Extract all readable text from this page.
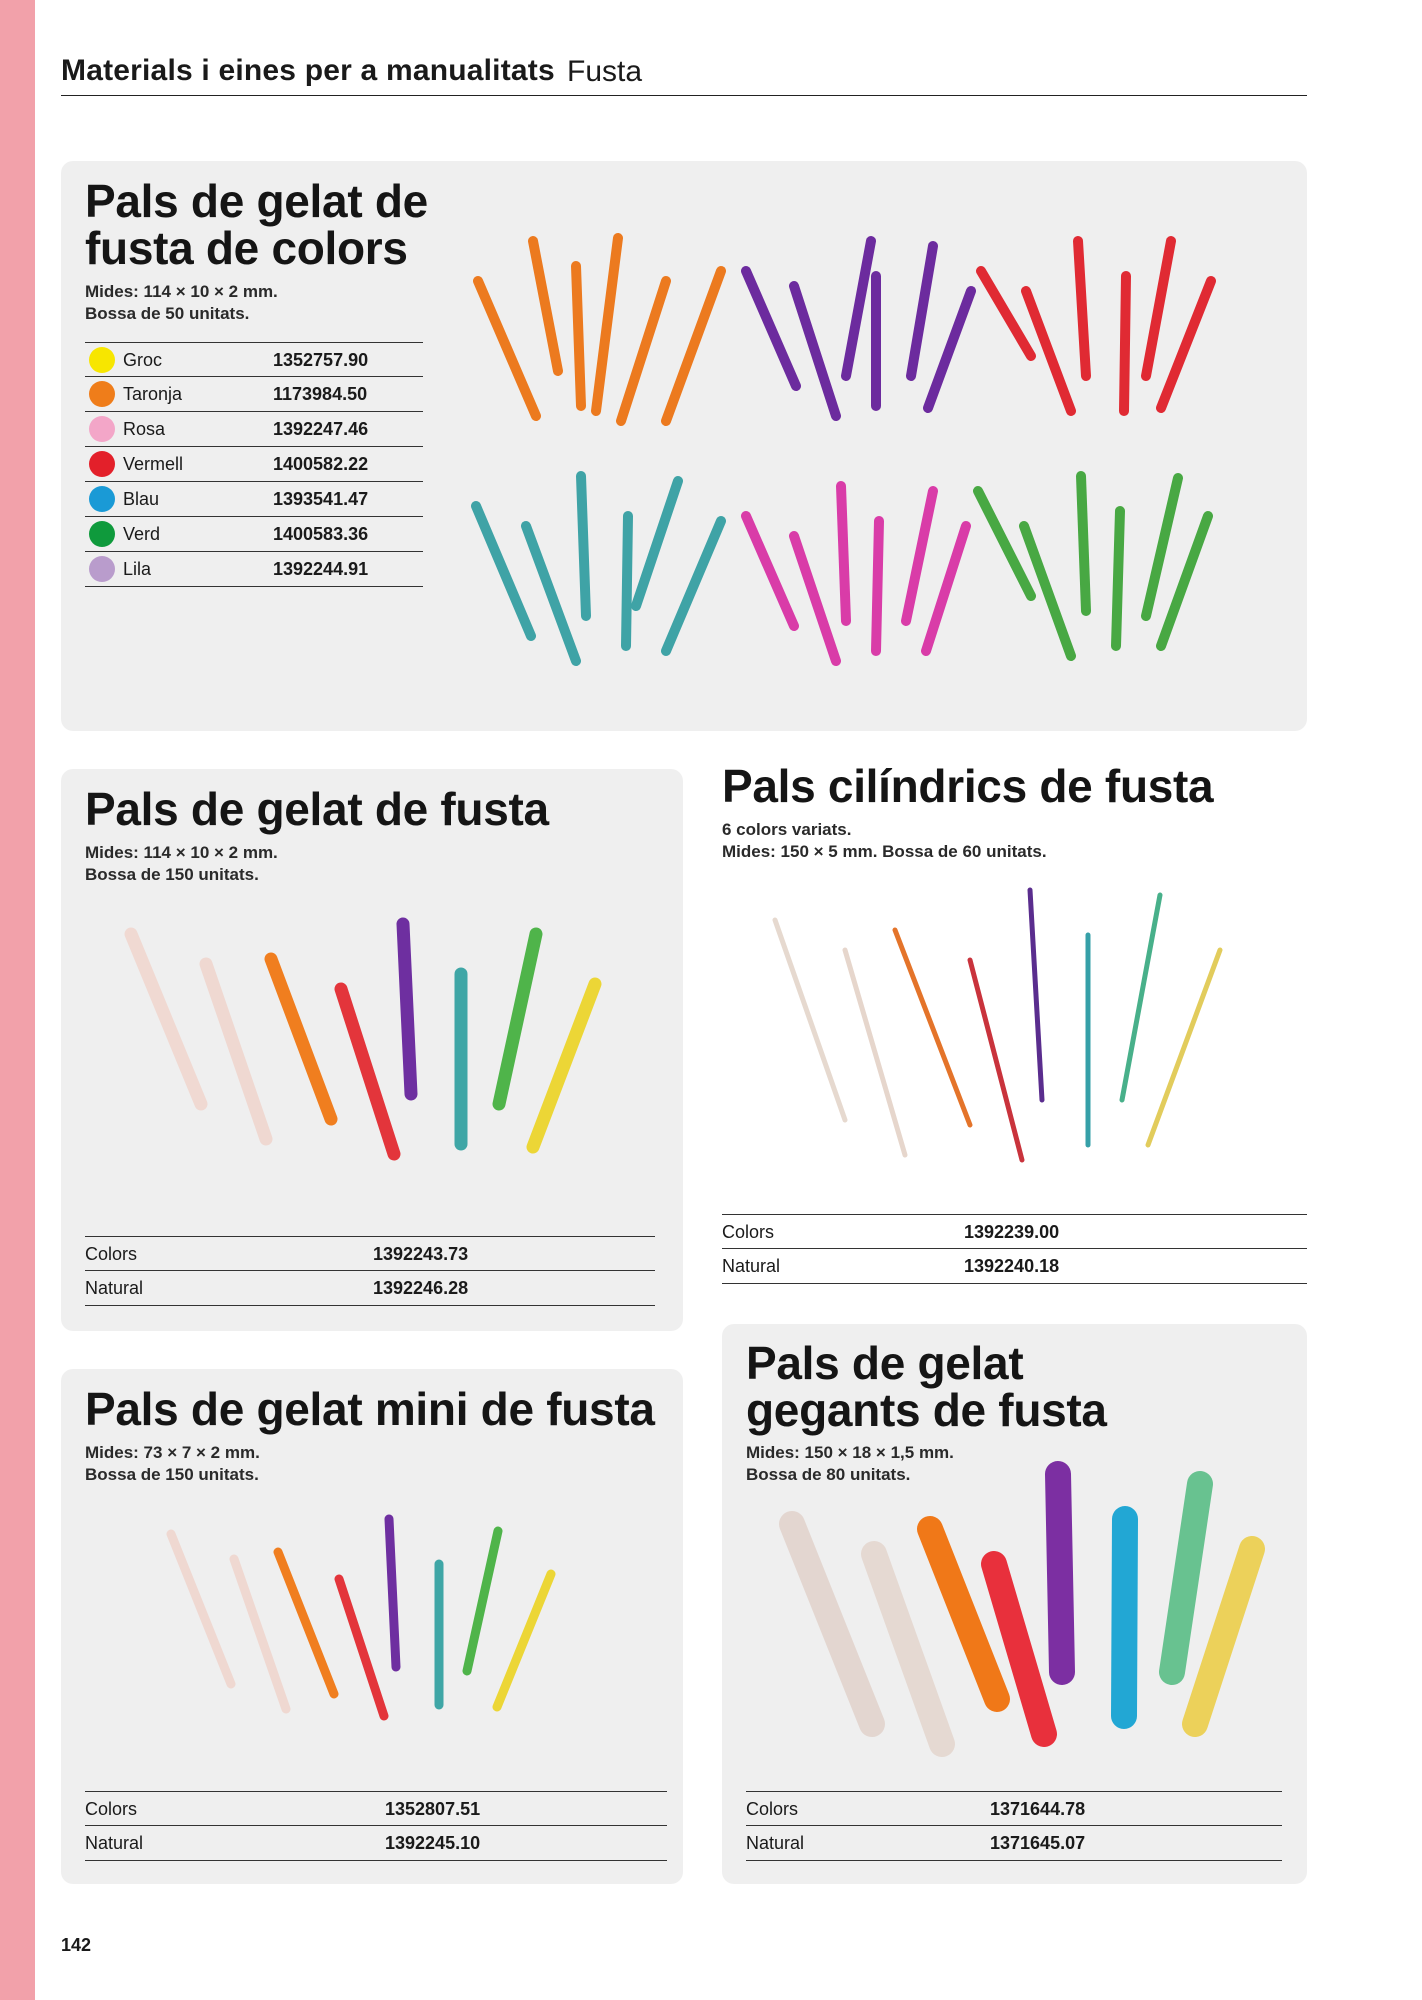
Materials i eines per a manualitats Fusta
Pals de gelat de
fusta de colors
Mides: 114 × 10 × 2 mm.
Bossa de 50 unitats.
Groc	1352757.90
Taronja	1173984.50
Rosa	1392247.46
Vermell	1400582.22
Blau	1393541.47
Verd	1400583.36
Lila	1392244.91
Pals de gelat de fusta
Mides: 114 × 10 × 2 mm.
Bossa de 150 unitats.
Colors	1392243.73
Natural	1392246.28
Pals cilíndrics de fusta
6 colors variats.
Mides: 150 × 5 mm. Bossa de 60 unitats.
Colors	1392239.00
Natural	1392240.18
Pals de gelat mini de fusta
Mides: 73 × 7 × 2 mm.
Bossa de 150 unitats.
Colors	1352807.51
Natural	1392245.10
Pals de gelat
gegants de fusta
Mides: 150 × 18 × 1,5 mm.
Bossa de 80 unitats.
Colors	1371644.78
Natural	1371645.07
142
